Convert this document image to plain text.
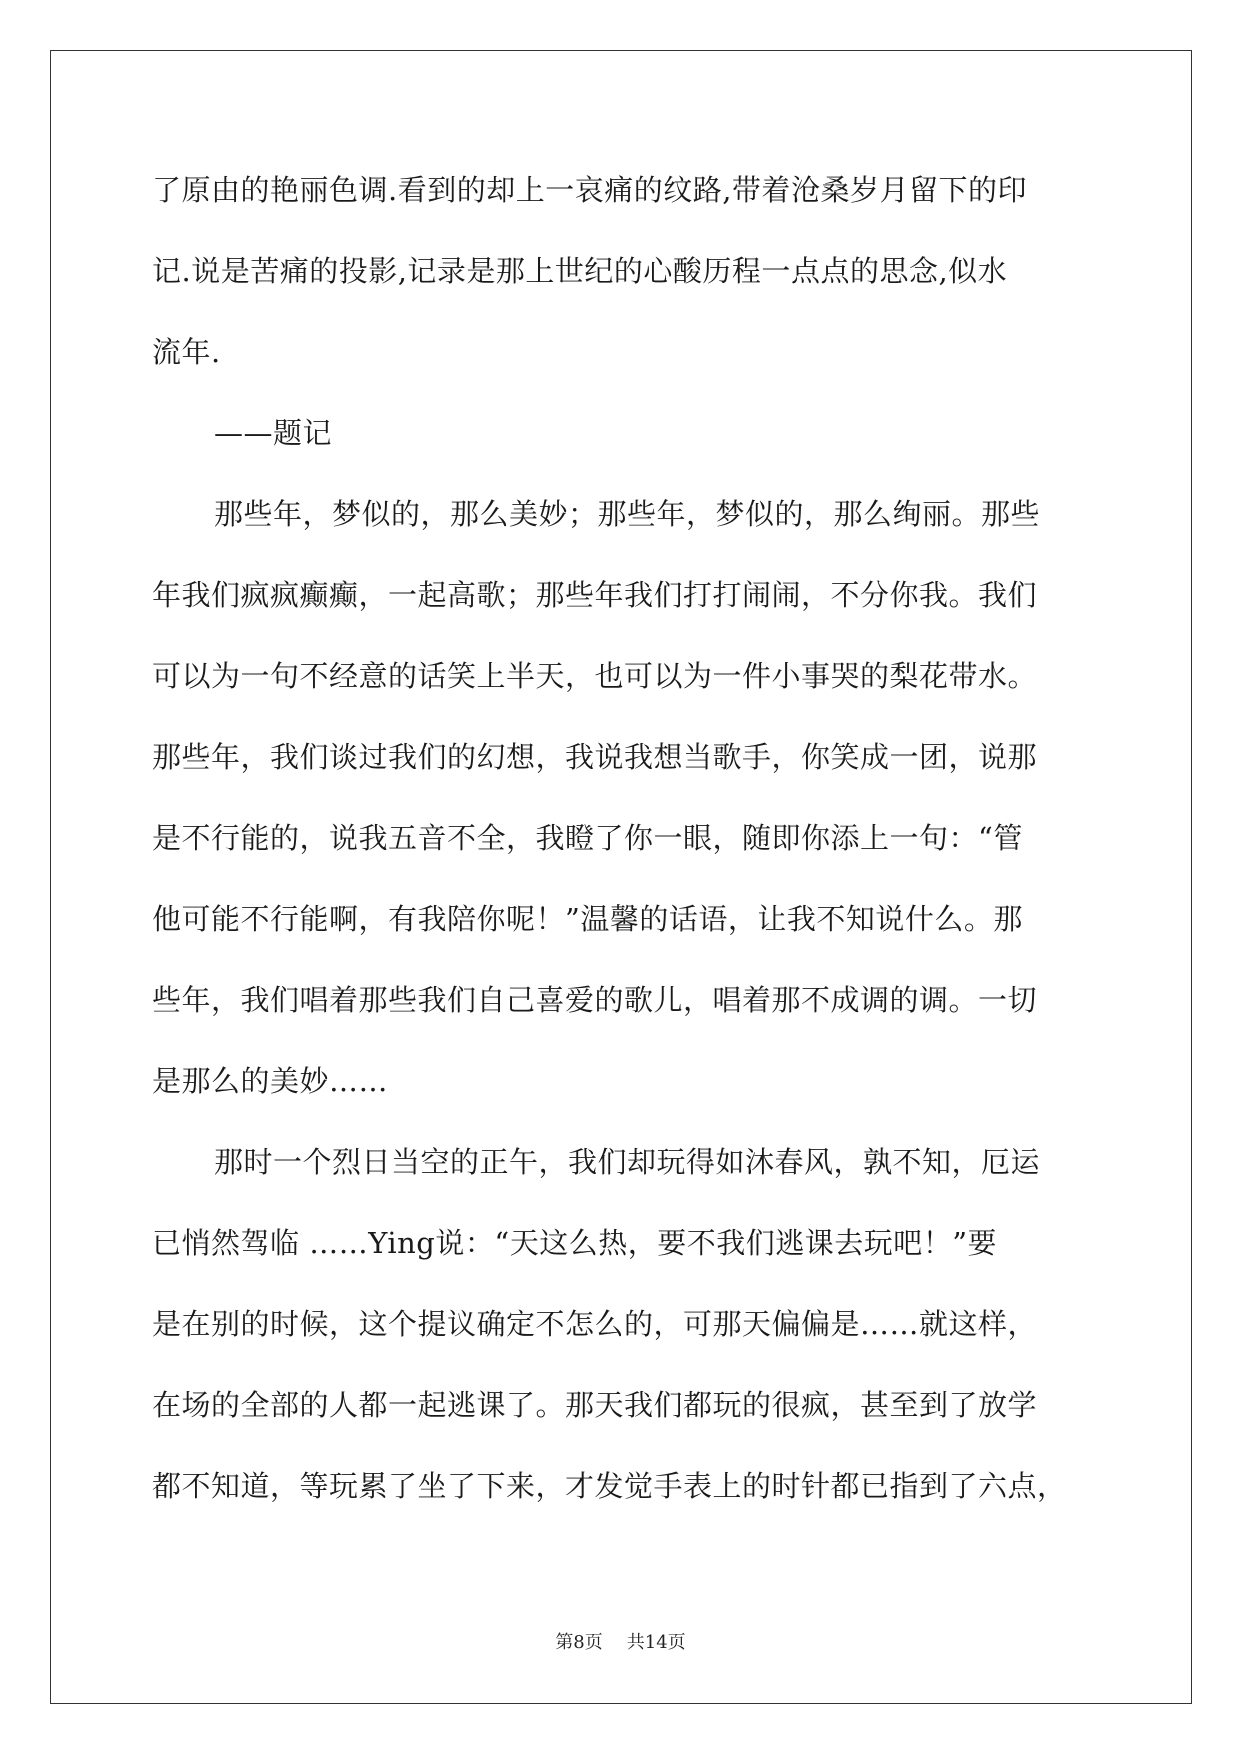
了原由的艳丽色调.看到的却上一哀痛的纹路,带着沧桑岁月留下的印
记.说是苦痛的投影,记录是那上世纪的心酸历程一点点的思念,似水
流年.
——题记
那些年，梦似的，那么美妙；那些年，梦似的，那么绚丽。那些
年我们疯疯癫癫，一起高歌；那些年我们打打闹闹，不分你我。我们
可以为一句不经意的话笑上半天，也可以为一件小事哭的梨花带水。
那些年，我们谈过我们的幻想，我说我想当歌手，你笑成一团，说那
是不行能的，说我五音不全，我瞪了你一眼，随即你添上一句：“管
他可能不行能啊，有我陪你呢！”温馨的话语，让我不知说什么。那
些年，我们唱着那些我们自己喜爱的歌儿，唱着那不成调的调。一切
是那么的美妙……
那时一个烈日当空的正午，我们却玩得如沐春风，孰不知，厄运
已悄然驾临 ……Ying说：“天这么热，要不我们逃课去玩吧！”要
是在别的时候，这个提议确定不怎么的，可那天偏偏是……就这样，
在场的全部的人都一起逃课了。那天我们都玩的很疯，甚至到了放学
都不知道，等玩累了坐了下来，才发觉手表上的时针都已指到了六点，
第8页 共14页
